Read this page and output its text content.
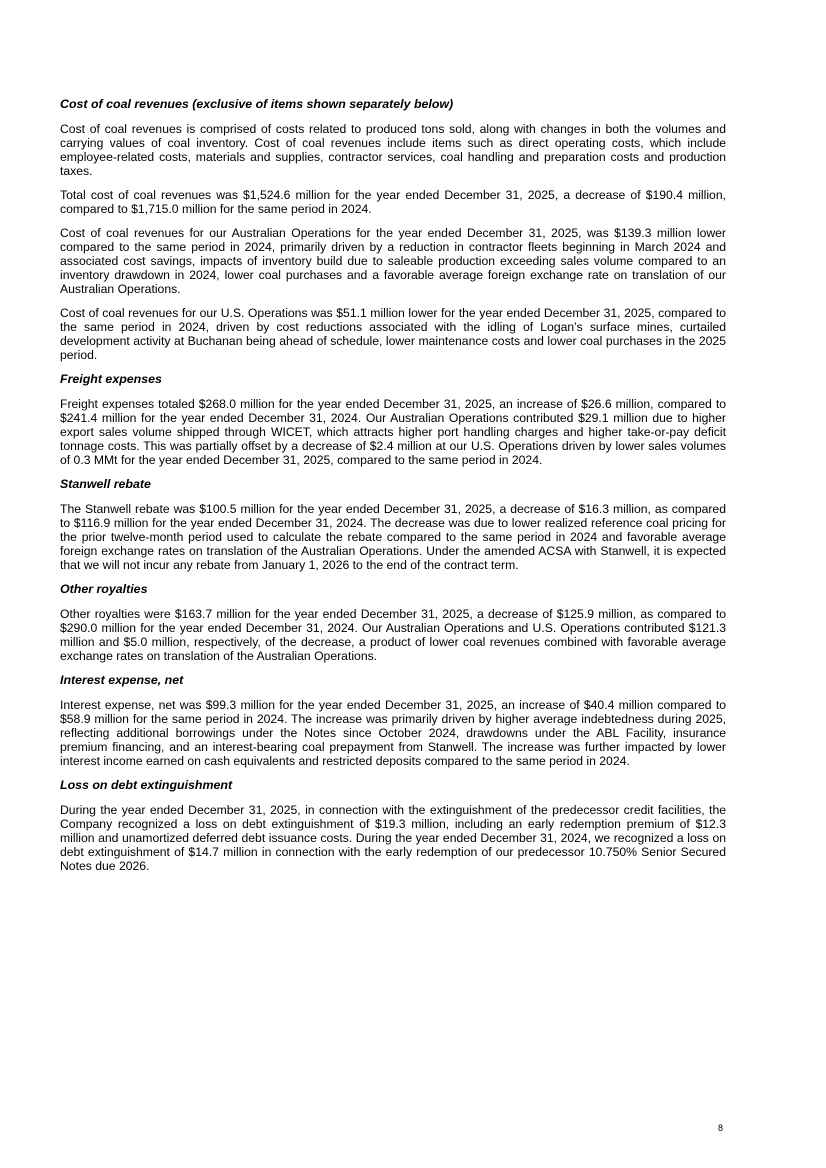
Cost of coal revenues (exclusive of items shown separately below)

Cost of coal revenues is comprised of costs related to produced tons sold, along with changes in both the volumes and carrying values of coal inventory. Cost of coal revenues include items such as direct operating costs, which include employee-related costs, materials and supplies, contractor services, coal handling and preparation costs and production taxes.

Total cost of coal revenues was $1,524.6 million for the year ended December 31, 2025, a decrease of $190.4 million, compared to $1,715.0 million for the same period in 2024.

Cost of coal revenues for our Australian Operations for the year ended December 31, 2025, was $139.3 million lower compared to the same period in 2024, primarily driven by a reduction in contractor fleets beginning in March 2024 and associated cost savings, impacts of inventory build due to saleable production exceeding sales volume compared to an inventory drawdown in 2024, lower coal purchases and a favorable average foreign exchange rate on translation of our Australian Operations.

Cost of coal revenues for our U.S. Operations was $51.1 million lower for the year ended December 31, 2025, compared to the same period in 2024, driven by cost reductions associated with the idling of Logan’s surface mines, curtailed development activity at Buchanan being ahead of schedule, lower maintenance costs and lower coal purchases in the 2025 period.

Freight expenses

Freight expenses totaled $268.0 million for the year ended December 31, 2025, an increase of $26.6 million, compared to $241.4 million for the year ended December 31, 2024. Our Australian Operations contributed $29.1 million due to higher export sales volume shipped through WICET, which attracts higher port handling charges and higher take-or-pay deficit tonnage costs. This was partially offset by a decrease of $2.4 million at our U.S. Operations driven by lower sales volumes of 0.3 MMt for the year ended December 31, 2025, compared to the same period in 2024.

Stanwell rebate

The Stanwell rebate was $100.5 million for the year ended December 31, 2025, a decrease of $16.3 million, as compared to $116.9 million for the year ended December 31, 2024. The decrease was due to lower realized reference coal pricing for the prior twelve-month period used to calculate the rebate compared to the same period in 2024 and favorable average foreign exchange rates on translation of the Australian Operations. Under the amended ACSA with Stanwell, it is expected that we will not incur any rebate from January 1, 2026 to the end of the contract term.

Other royalties

Other royalties were $163.7 million for the year ended December 31, 2025, a decrease of $125.9 million, as compared to $290.0 million for the year ended December 31, 2024. Our Australian Operations and U.S. Operations contributed $121.3 million and $5.0 million, respectively, of the decrease, a product of lower coal revenues combined with favorable average exchange rates on translation of the Australian Operations.

Interest expense, net

Interest expense, net was $99.3 million for the year ended December 31, 2025, an increase of $40.4 million compared to $58.9 million for the same period in 2024. The increase was primarily driven by higher average indebtedness during 2025, reflecting additional borrowings under the Notes since October 2024, drawdowns under the ABL Facility, insurance premium financing, and an interest-bearing coal prepayment from Stanwell. The increase was further impacted by lower interest income earned on cash equivalents and restricted deposits compared to the same period in 2024.

Loss on debt extinguishment

During the year ended December 31, 2025, in connection with the extinguishment of the predecessor credit facilities, the Company recognized a loss on debt extinguishment of $19.3 million, including an early redemption premium of $12.3 million and unamortized deferred debt issuance costs. During the year ended December 31, 2024, we recognized a loss on debt extinguishment of $14.7 million in connection with the early redemption of our predecessor 10.750% Senior Secured Notes due 2026.

8
